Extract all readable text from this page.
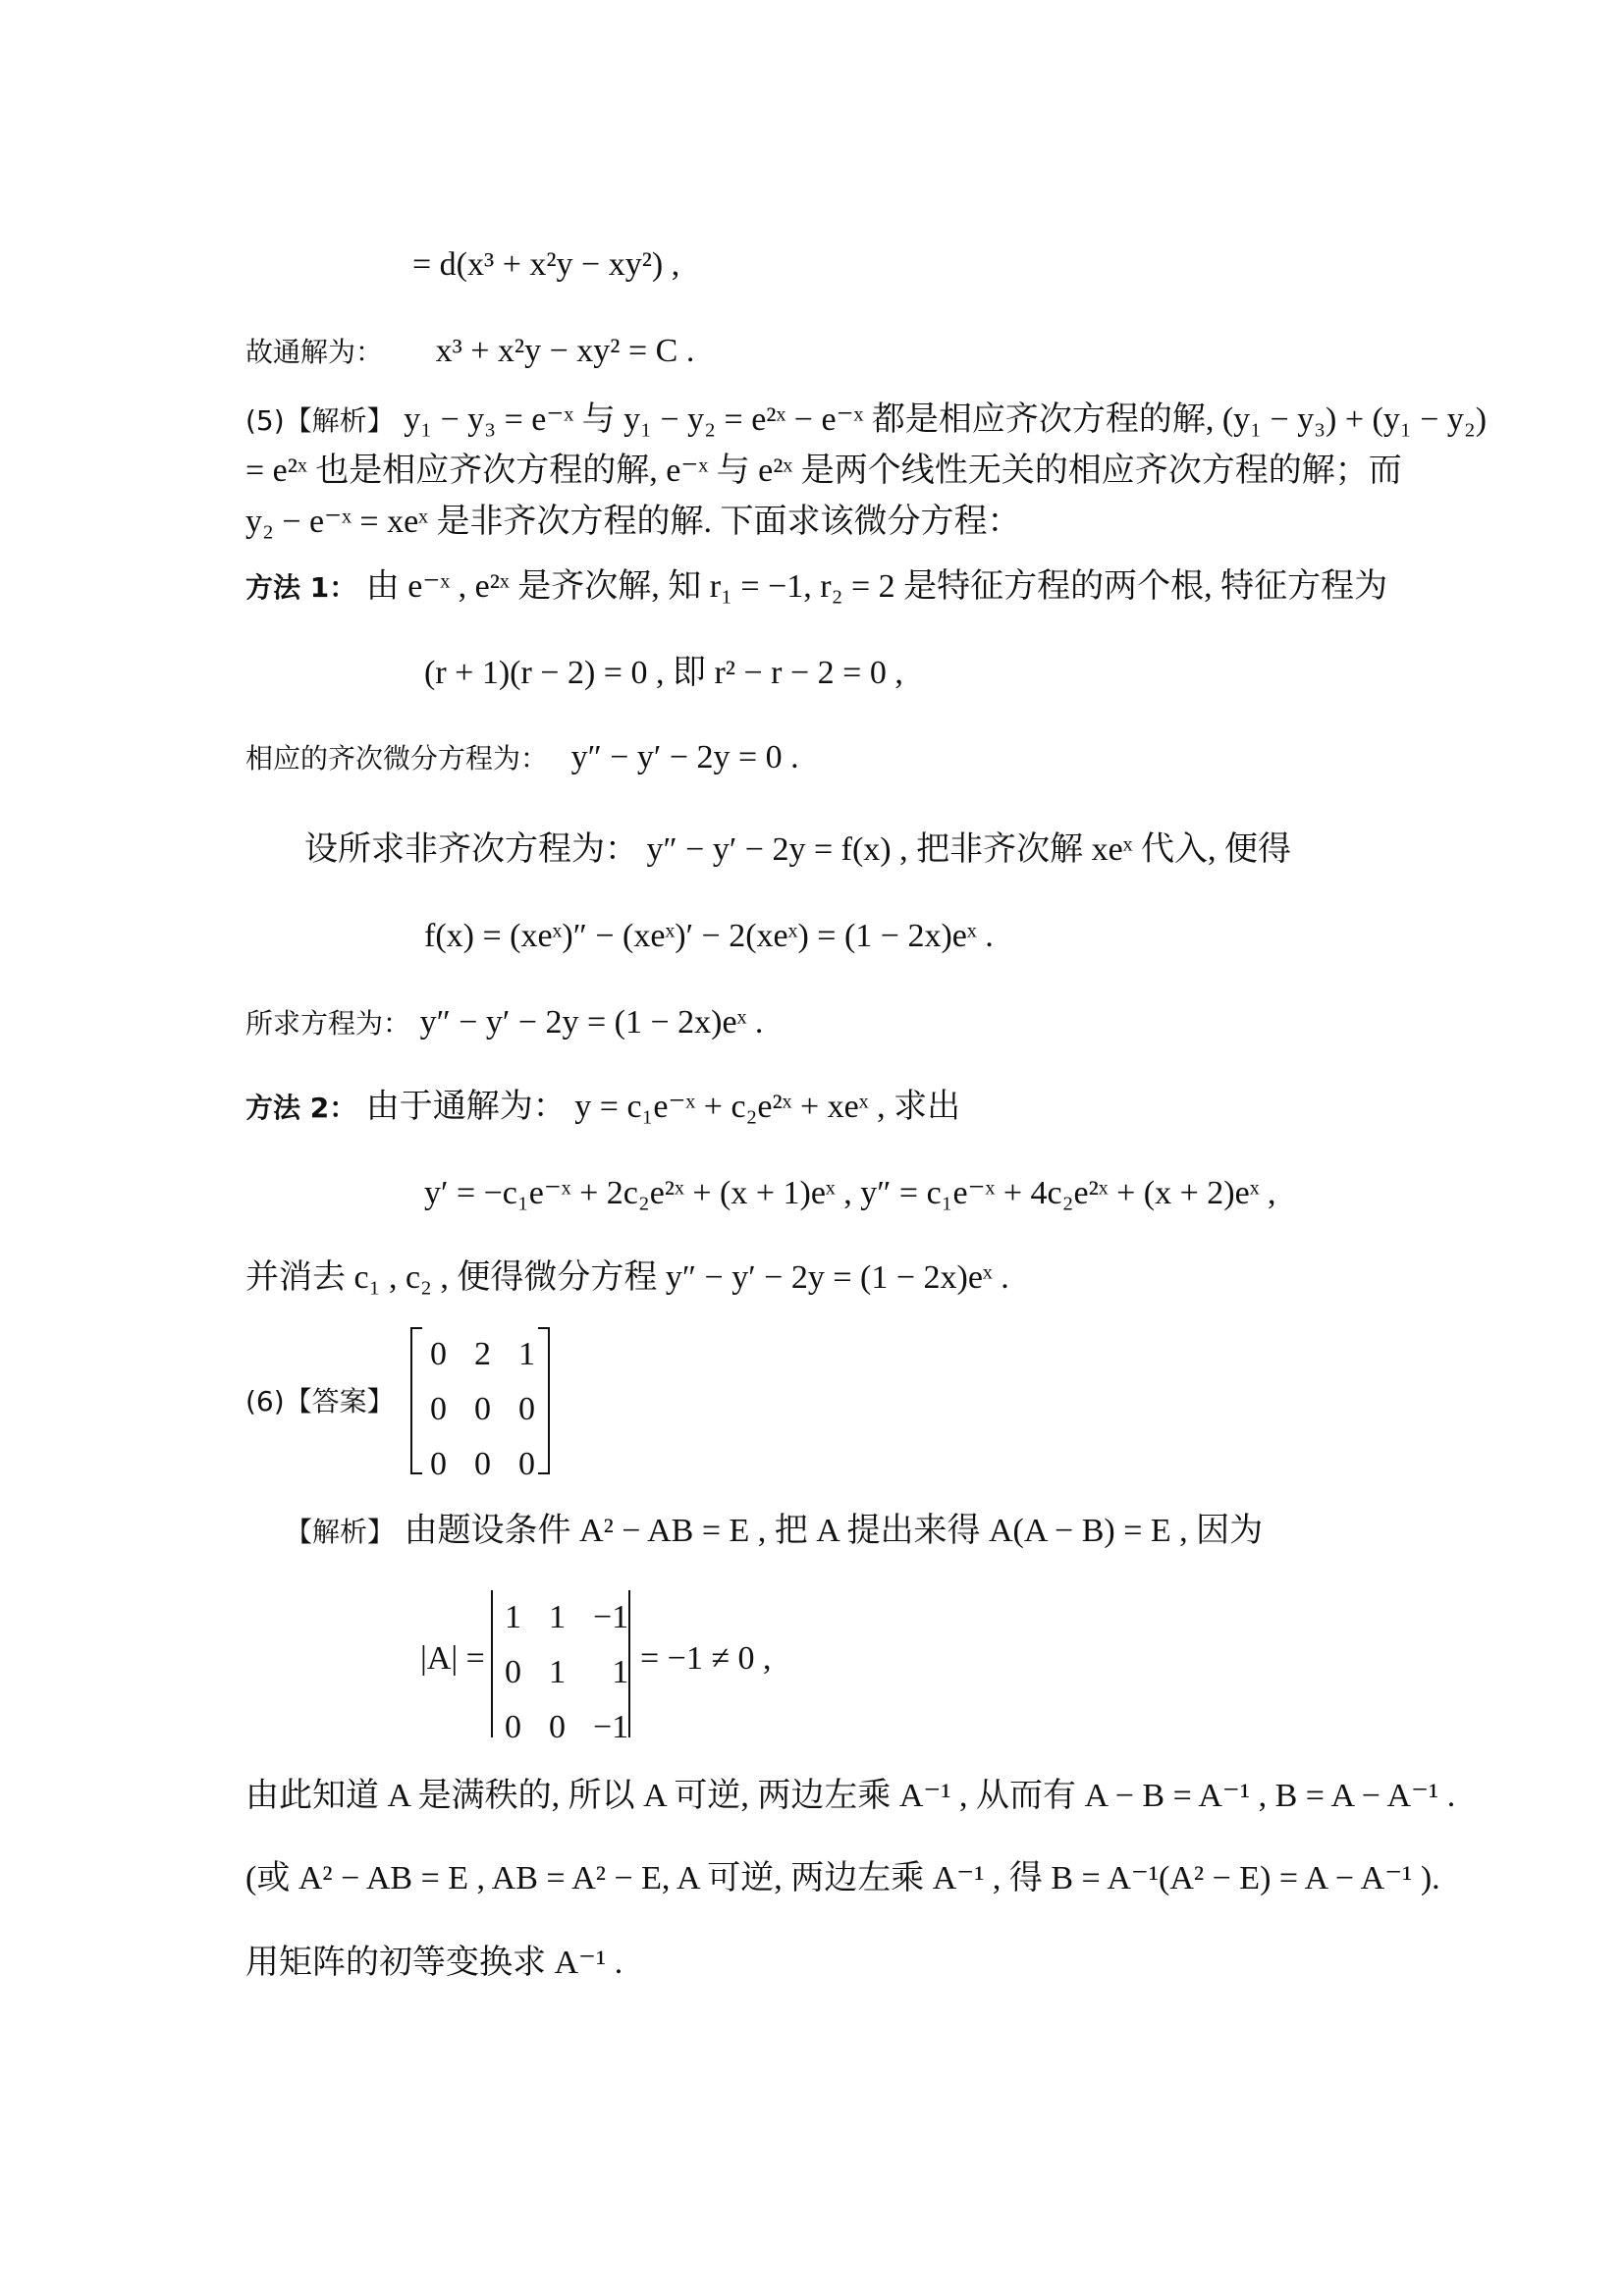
= d(x³ + x²y − xy²) ,
故通解为： x³ + x²y − xy² = C .
(5)【解析】 y₁ − y₃ = e⁻ˣ 与 y₁ − y₂ = e²ˣ − e⁻ˣ 都是相应齐次方程的解, (y₁ − y₃) + (y₁ − y₂)
= e²ˣ 也是相应齐次方程的解, e⁻ˣ 与 e²ˣ 是两个线性无关的相应齐次方程的解；而
y₂ − e⁻ˣ = xeˣ 是非齐次方程的解. 下面求该微分方程：
方法 1： 由 e⁻ˣ , e²ˣ 是齐次解, 知 r₁ = −1, r₂ = 2 是特征方程的两个根, 特征方程为
(r + 1)(r − 2) = 0 , 即 r² − r − 2 = 0 ,
相应的齐次微分方程为： y″ − y′ − 2y = 0 .
设所求非齐次方程为： y″ − y′ − 2y = f(x) , 把非齐次解 xeˣ 代入, 便得
f(x) = (xeˣ)″ − (xeˣ)′ − 2(xeˣ) = (1 − 2x)eˣ .
所求方程为： y″ − y′ − 2y = (1 − 2x)eˣ .
方法 2： 由于通解为： y = c₁e⁻ˣ + c₂e²ˣ + xeˣ , 求出
y′ = −c₁e⁻ˣ + 2c₂e²ˣ + (x + 1)eˣ , y″ = c₁e⁻ˣ + 4c₂e²ˣ + (x + 2)eˣ ,
并消去 c₁ , c₂ , 便得微分方程 y″ − y′ − 2y = (1 − 2x)eˣ .
(6)【答案】
0	2	1
0	0	0
0	0	0
【解析】 由题设条件 A² − AB = E , 把 A 提出来得 A(A − B) = E , 因为
|A| =
1	1	−1
0	1	1
0	0	−1
= −1 ≠ 0 ,
由此知道 A 是满秩的, 所以 A 可逆, 两边左乘 A⁻¹ , 从而有 A − B = A⁻¹ , B = A − A⁻¹ .
(或 A² − AB = E , AB = A² − E, A 可逆, 两边左乘 A⁻¹ , 得 B = A⁻¹(A² − E) = A − A⁻¹ ).
用矩阵的初等变换求 A⁻¹ .
